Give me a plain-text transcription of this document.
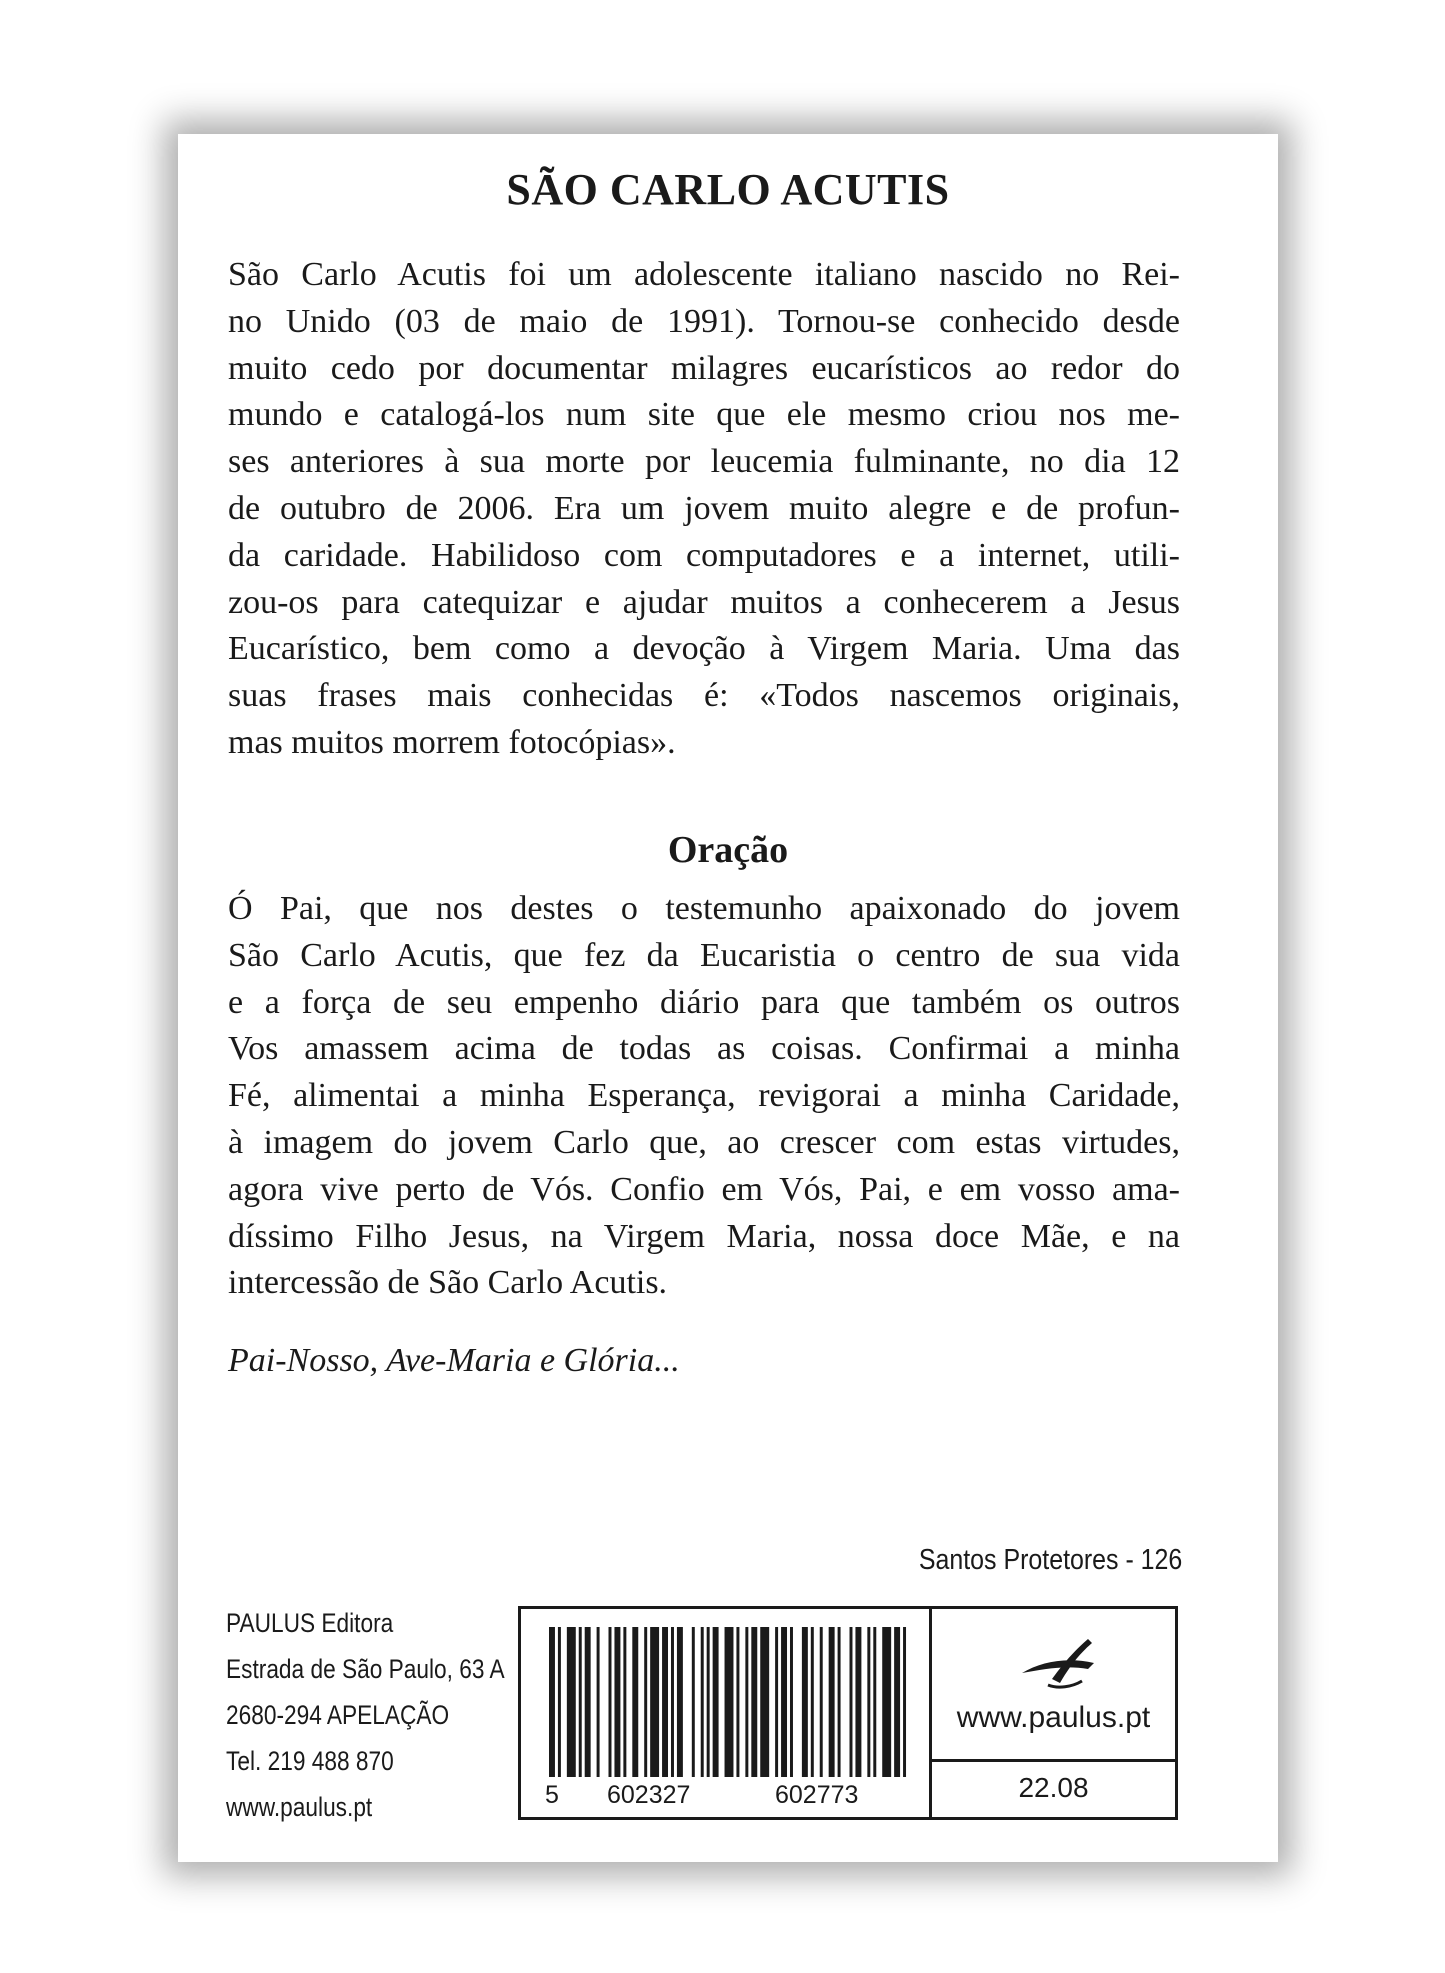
SÃO CARLO ACUTIS

São Carlo Acutis foi um adolescente italiano nascido no Rei-
no Unido (03 de maio de 1991). Tornou-se conhecido desde
muito cedo por documentar milagres eucarísticos ao redor do
mundo e catalogá-los num site que ele mesmo criou nos me-
ses anteriores à sua morte por leucemia fulminante, no dia 12
de outubro de 2006. Era um jovem muito alegre e de profun-
da caridade. Habilidoso com computadores e a internet, utili-
zou-os para catequizar e ajudar muitos a conhecerem a Jesus
Eucarístico, bem como a devoção à Virgem Maria. Uma das
suas frases mais conhecidas é: «Todos nascemos originais,
mas muitos morrem fotocópias».

Oração

Ó Pai, que nos destes o testemunho apaixonado do jovem
São Carlo Acutis, que fez da Eucaristia o centro de sua vida
e a força de seu empenho diário para que também os outros
Vos amassem acima de todas as coisas. Confirmai a minha
Fé, alimentai a minha Esperança, revigorai a minha Caridade,
à imagem do jovem Carlo que, ao crescer com estas virtudes,
agora vive perto de Vós. Confio em Vós, Pai, e em vosso ama-
díssimo Filho Jesus, na Virgem Maria, nossa doce Mãe, e na
intercessão de São Carlo Acutis.

Pai-Nosso, Ave-Maria e Glória...
Santos Protetores - 126
PAULUS Editora
Estrada de São Paulo, 63 A
2680-294 APELAÇÃO
Tel. 219 488 870
www.paulus.pt	5 602327	602773
www.paulus.pt
22.08
